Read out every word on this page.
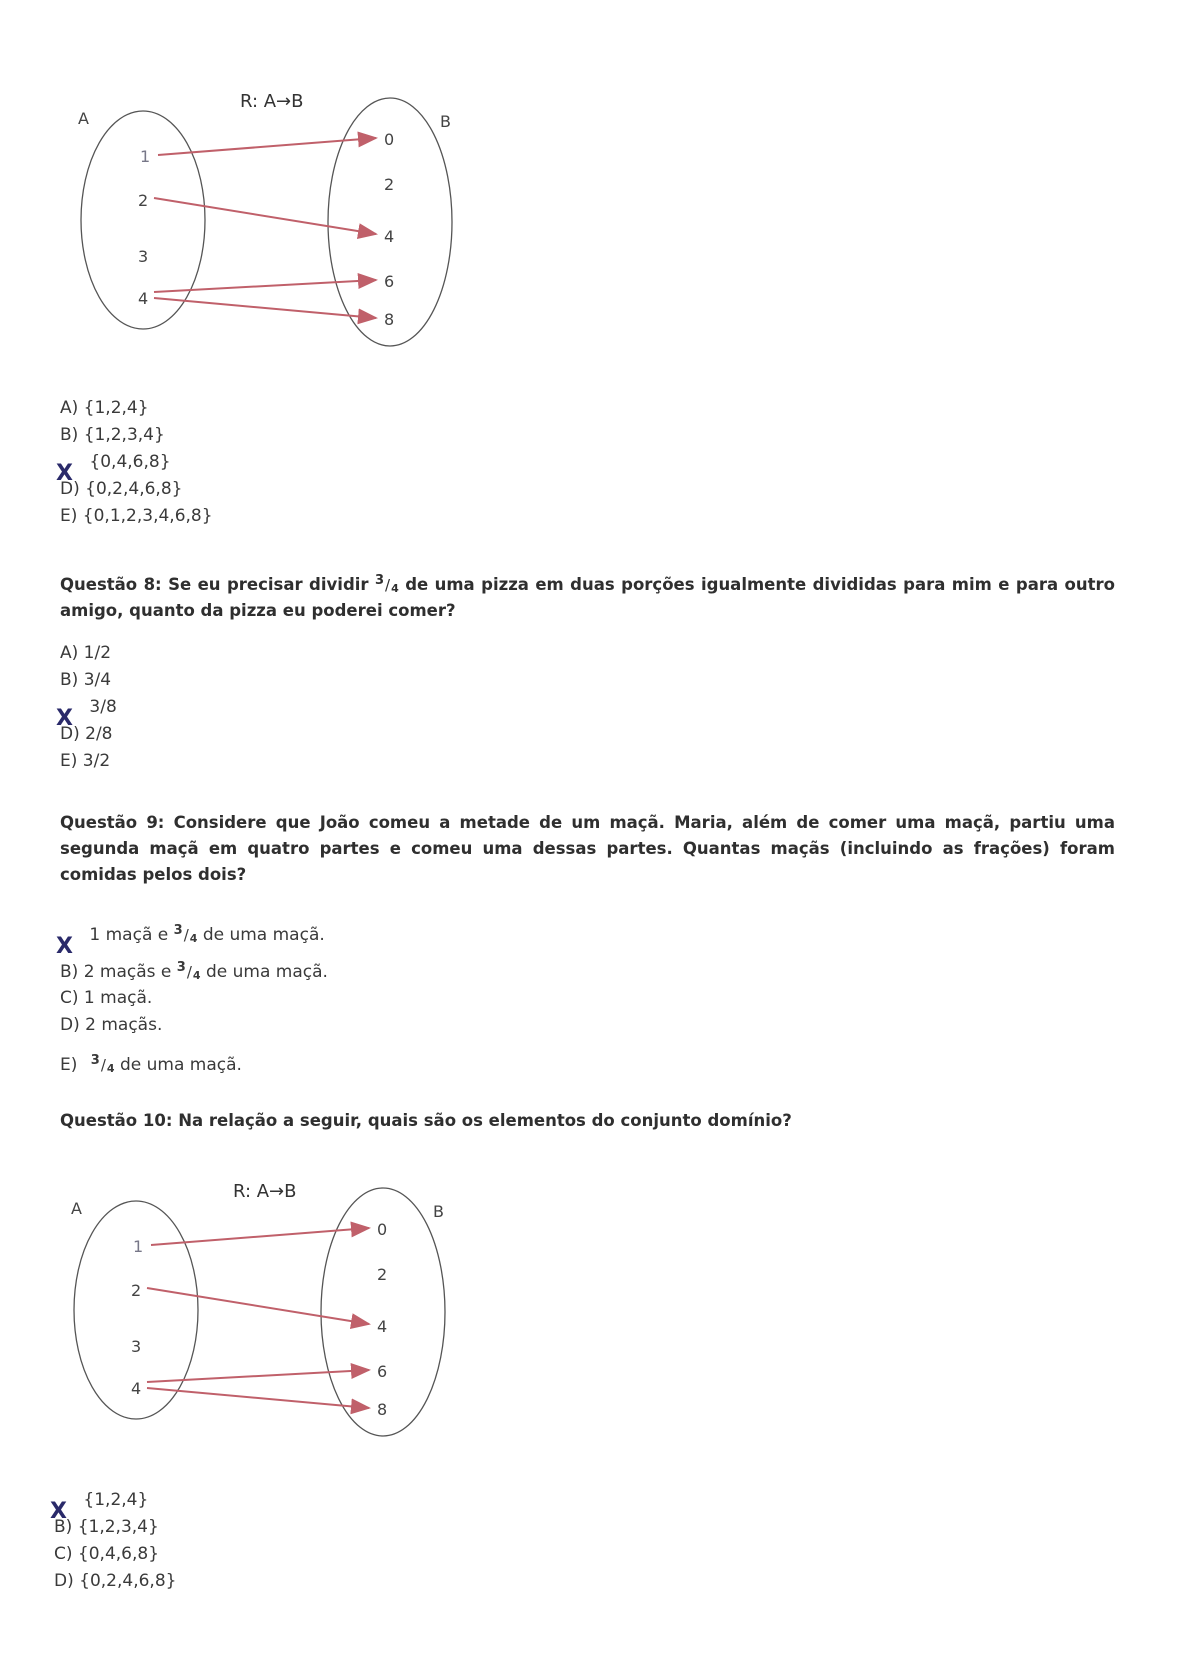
R: A→B
A	B
1
2
3
4
0
2
4
6
8
A) {1,2,4}
B) {1,2,3,4}
X {0,4,6,8}
D) {0,2,4,6,8}
E) {0,1,2,3,4,6,8}
Questão 8: Se eu precisar dividir 3/4 de uma pizza em duas porções igualmente divididas para mim e para outro amigo, quanto da pizza eu poderei comer?
A) 1/2
B) 3/4
X 3/8
D) 2/8
E) 3/2
Questão 9: Considere que João comeu a metade de um maçã. Maria, além de comer uma maçã, partiu uma segunda maçã em quatro partes e comeu uma dessas partes. Quantas maçãs (incluindo as frações) foram comidas pelos dois?
X 1 maçã e 3/4 de uma maçã.
B) 2 maçãs e 3/4 de uma maçã.
C) 1 maçã.
D) 2 maçãs.
E) 3/4 de uma maçã.
Questão 10: Na relação a seguir, quais são os elementos do conjunto domínio?
R: A→B
A	B
1
2
3
4
0
2
4
6
8
X {1,2,4}
B) {1,2,3,4}
C) {0,4,6,8}
D) {0,2,4,6,8}
